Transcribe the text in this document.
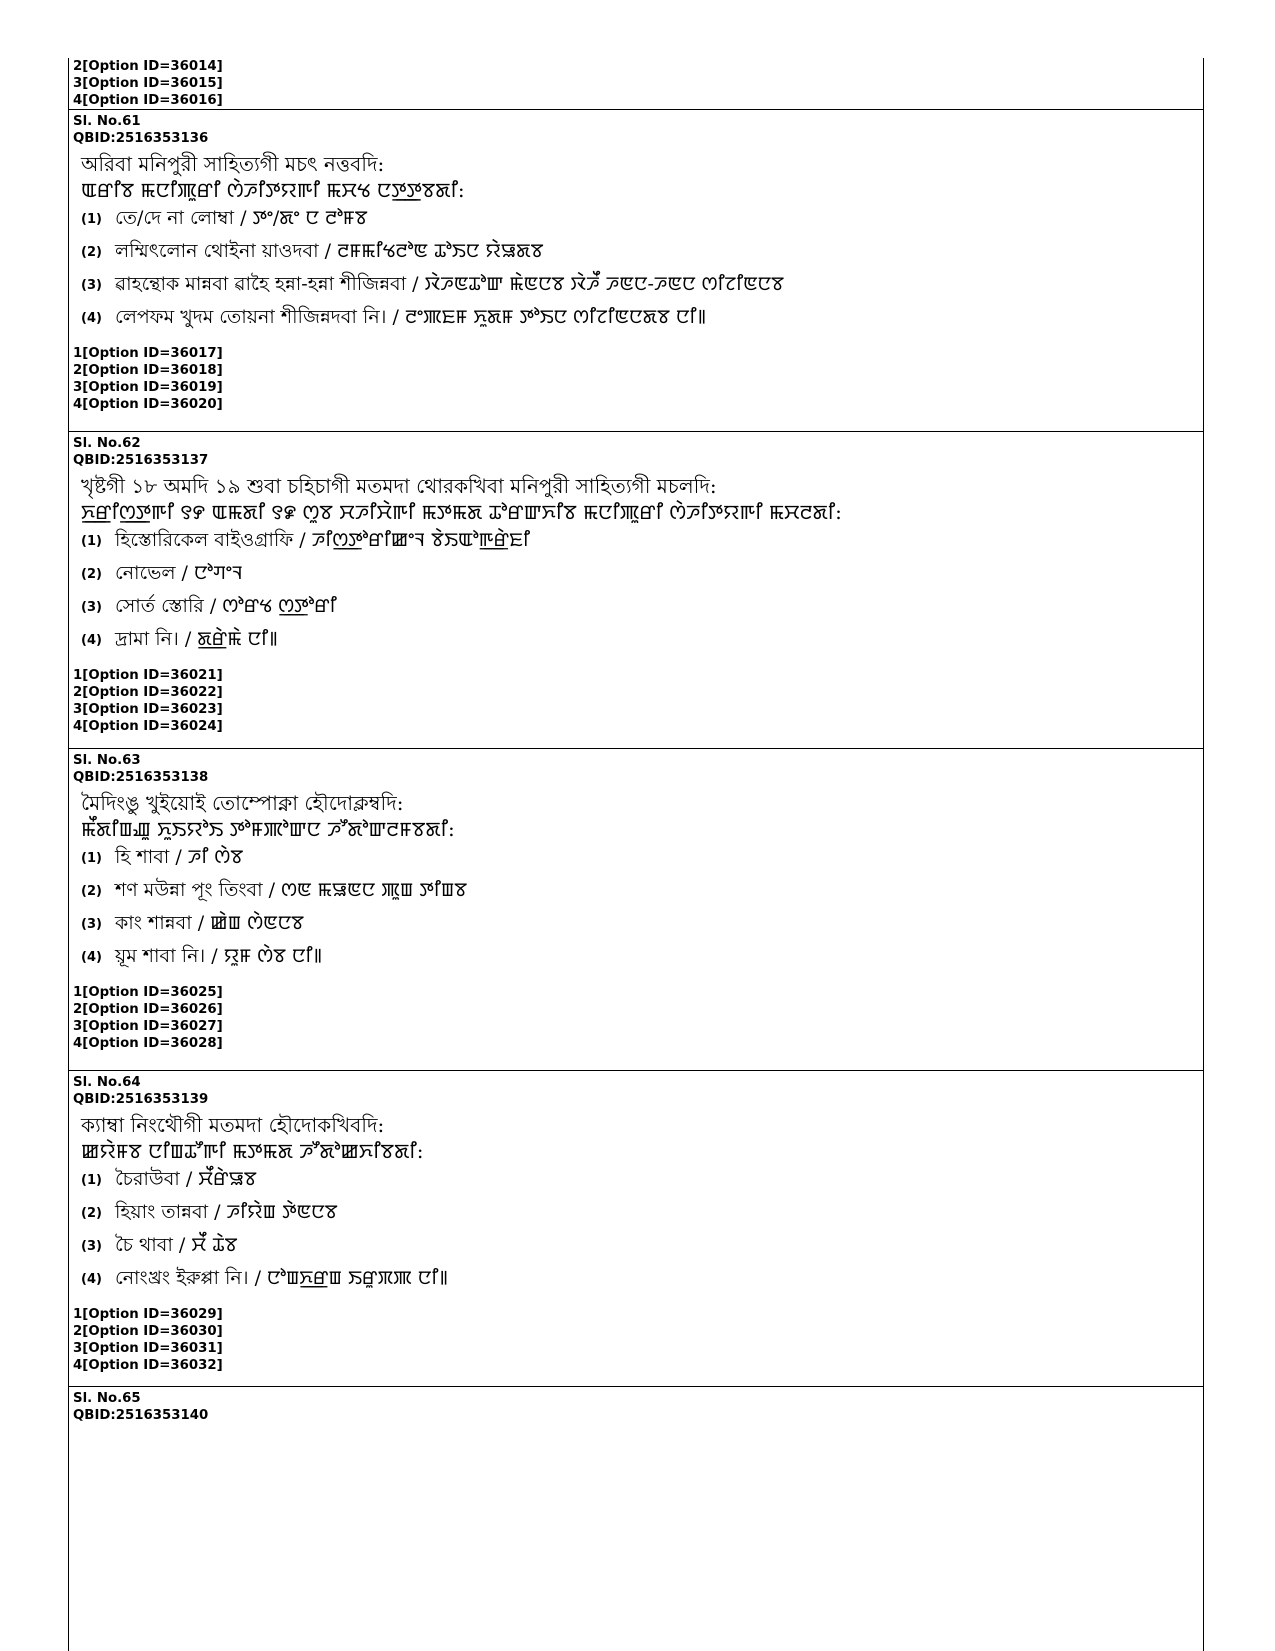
2[Option ID=36014]
3[Option ID=36015]
4[Option ID=36016]
Sl. No.61
QBID:2516353136
অরিবা মনিপুরী সাহিত্যগী মচৎ নত্তবদি:
ꯑꯔꯤꯕ ꯃꯅꯤꯄꯨꯔꯤ ꯁꯥꯍꯤꯇꯌꯒꯤ ꯃꯆꯠ ꯅꯇ꯭ꯇꯕꯗꯤ:
(1) তে/দে না লোম্বা / ꯇꯦ/ꯗꯦ ꯅ ꯂꯣꯝꯕ
(2) লম্মিৎলোন থোইনা য়াওদবা / ꯂꯝꯃꯤꯠꯂꯣꯟ ꯊꯣꯏꯅ ꯌꯥꯎꯗꯕ
(3) ৱাহন্থোক মান্নবা ৱাহৈ হন্না-হন্না শীজিন্নবা / ꯋꯥꯍꯟꯊꯣꯛ ꯃꯥꯟꯅꯕ ꯋꯥꯍꯩ ꯍꯟꯅ-ꯍꯟꯅ ꯁꯤꯖꯤꯟꯅꯕ
(4) লেপফম খুদম তোয়না শীজিন্নদবা নি। / ꯂꯦꯄꯐꯝ ꯈꯨꯗꯝ ꯇꯣꯏꯅ ꯁꯤꯖꯤꯟꯅꯗꯕ ꯅꯤ꯫
1[Option ID=36017]
2[Option ID=36018]
3[Option ID=36019]
4[Option ID=36020]
Sl. No.62
QBID:2516353137
খৃষ্টগী ১৮ অমদি ১৯ শুবা চহিচাগী মতমদা থোরকখিবা মনিপুরী সাহিত্যগী মচলদি:
ꯈ꯭ꯔꯤꯁ꯭ꯇꯒꯤ ꯱꯸ ꯑꯃꯗꯤ ꯱꯹ ꯁꯨꯕ ꯆꯍꯤꯆꯥꯒꯤ ꯃꯇꯃꯗ ꯊꯣꯔꯛꯈꯤꯕ ꯃꯅꯤꯄꯨꯔꯤ ꯁꯥꯍꯤꯇꯌꯒꯤ ꯃꯆꯂꯗꯤ:
(1) হিস্তোরিকেল বাইওগ্রাফি / ꯍꯤꯁ꯭ꯇꯣꯔꯤꯀꯦꯜ ꯕꯥꯏꯑꯣꯒ꯭ꯔꯥꯐꯤ
(2) নোভেল / ꯅꯣꯚꯦꯜ
(3) সোর্ত স্তোরি / ꯁꯣꯔꯠ ꯁ꯭ꯇꯣꯔꯤ
(4) দ্রামা নি। / ꯗ꯭ꯔꯥꯃꯥ ꯅꯤ꯫
1[Option ID=36021]
2[Option ID=36022]
3[Option ID=36023]
4[Option ID=36024]
Sl. No.63
QBID:2516353138
মৈদিংঙু খুইয়োই তোম্পোক্না হৌদোক্লম্বদি:
ꯃꯩꯗꯤꯡꯉꯨ ꯈꯨꯏꯌꯣꯏ ꯇꯣꯝꯄꯣꯛꯅ ꯍꯧꯗꯣꯛꯂꯝꯕꯗꯤ:
(1) হি শাবা / ꯍꯤ ꯁꯥꯕ
(2) শণ মউন্না পূং তিংবা / ꯁꯟ ꯃꯎꯟꯅ ꯄꯨꯡ ꯇꯤꯡꯕ
(3) কাং শান্নবা / ꯀꯥꯡ ꯁꯥꯟꯅꯕ
(4) য়ূম শাবা নি। / ꯌꯨꯝ ꯁꯥꯕ ꯅꯤ꯫
1[Option ID=36025]
2[Option ID=36026]
3[Option ID=36027]
4[Option ID=36028]
Sl. No.64
QBID:2516353139
ক্যাম্বা নিংথৌগী মতমদা হৌদোকখিবদি:
ꯀꯌꯥꯝꯕ ꯅꯤꯡꯊꯧꯒꯤ ꯃꯇꯃꯗ ꯍꯧꯗꯣꯀꯈꯤꯕꯗꯤ:
(1) চৈরাউবা / ꯆꯩꯔꯥꯎꯕ
(2) হিয়াং তান্নবা / ꯍꯤꯌꯥꯡ ꯇꯥꯟꯅꯕ
(3) চৈ থাবা / ꯆꯩ ꯊꯥꯕ
(4) নোংখ্রং ইরুপ্পা নি। / ꯅꯣꯡꯈ꯭ꯔꯡ ꯏꯔꯨꯞꯄ ꯅꯤ꯫
1[Option ID=36029]
2[Option ID=36030]
3[Option ID=36031]
4[Option ID=36032]
Sl. No.65
QBID:2516353140
